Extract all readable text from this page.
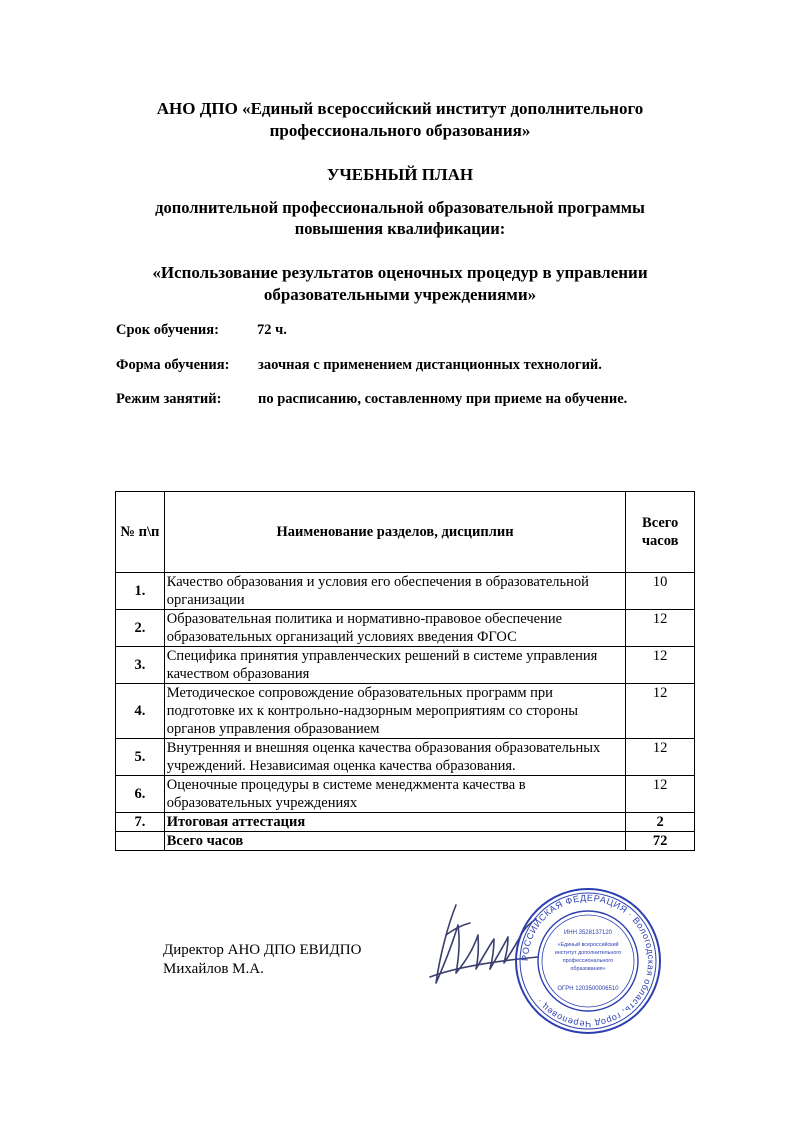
АНО ДПО «Единый всероссийский институт дополнительного
профессионального образования»
УЧЕБНЫЙ ПЛАН
дополнительной профессиональной образовательной программы
повышения квалификации:
«Использование результатов оценочных процедур в управлении
образовательными учреждениями»
Срок обучения:	72 ч.
Форма обучения: заочная с применением дистанционных технологий.
Режим занятий:	по расписанию, составленному при приеме на обучение.
№ п\п	Наименование разделов, дисциплин	Всего
часов

1.	Качество образования и условия его обеспечения в образовательной организации	10
2.	Образовательная политика и нормативно-правовое обеспечение образовательных организаций условиях введения ФГОС	12
3.	Специфика принятия управленческих решений в системе управления качеством образования	12
4.	Методическое сопровождение образовательных программ при подготовке их к контрольно-надзорным мероприятиям со стороны органов управления образованием	12
5.	Внутренняя и внешняя оценка качества образования образовательных учреждений. Независимая оценка качества образования.	12
6.	Оценочные процедуры в системе менеджмента качества в образовательных учреждениях	12
7.	Итоговая аттестация	2
	Всего часов	72
Директор АНО ДПО ЕВИДПО
Михайлов М.А.
РОССИЙСКАЯ ФЕДЕРАЦИЯ · Вологодская область, город Череповец ·
ИНН 3528137120
«Единый всероссийский
институт дополнительного
профессионального
образования»
ОГРН 1203500006510
